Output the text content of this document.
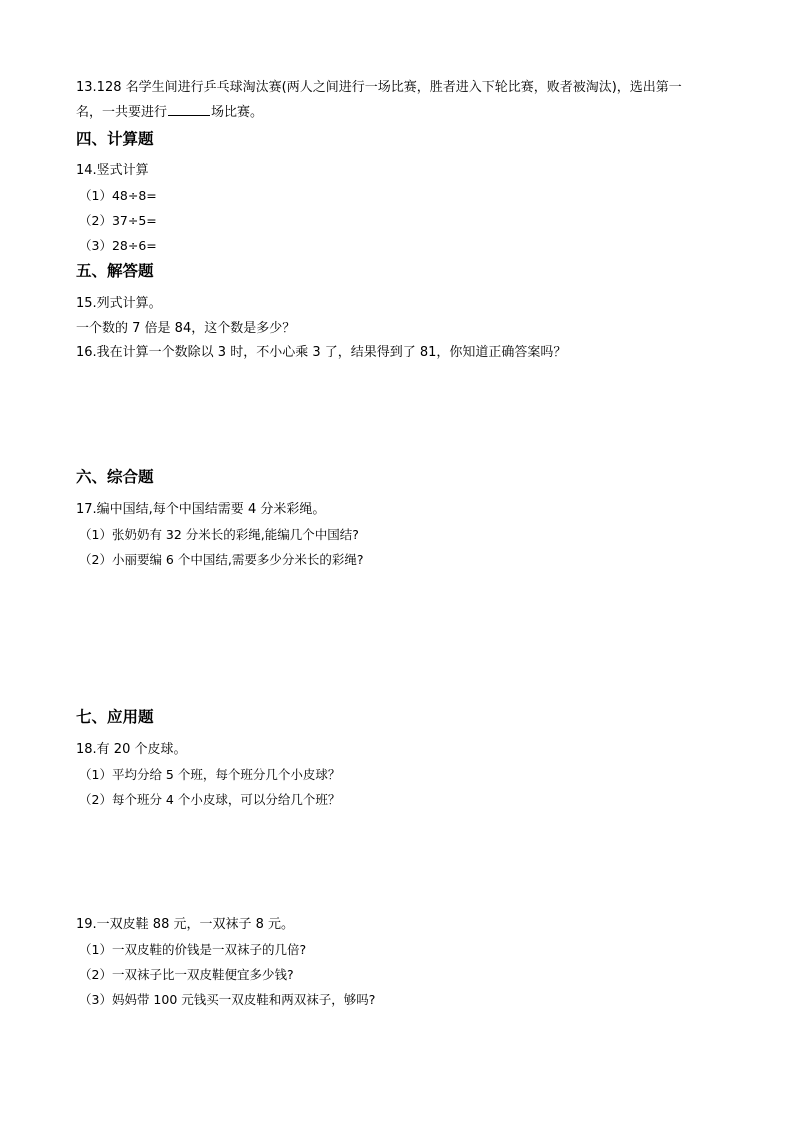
13.128 名学生间进行乒乓球淘汰赛(两人之间进行一场比赛，胜者进入下轮比赛，败者被淘汰)，选出第一
名，一共要进行	场比赛。
四、计算题
14.竖式计算
（1）48÷8=
（2）37÷5=
（3）28÷6=
五、解答题
15.列式计算。
一个数的 7 倍是 84，这个数是多少？
16.我在计算一个数除以 3 时，不小心乘 3 了，结果得到了 81，你知道正确答案吗？
六、综合题
17.编中国结,每个中国结需要 4 分米彩绳。
（1）张奶奶有 32 分米长的彩绳,能编几个中国结?
（2）小丽要编 6 个中国结,需要多少分米长的彩绳?
七、应用题
18.有 20 个皮球。
（1）平均分给 5 个班，每个班分几个小皮球？
（2）每个班分 4 个小皮球，可以分给几个班？
19.一双皮鞋 88 元，一双袜子 8 元。
（1）一双皮鞋的价钱是一双袜子的几倍?
（2）一双袜子比一双皮鞋便宜多少钱?
（3）妈妈带 100 元钱买一双皮鞋和两双袜子，够吗?
